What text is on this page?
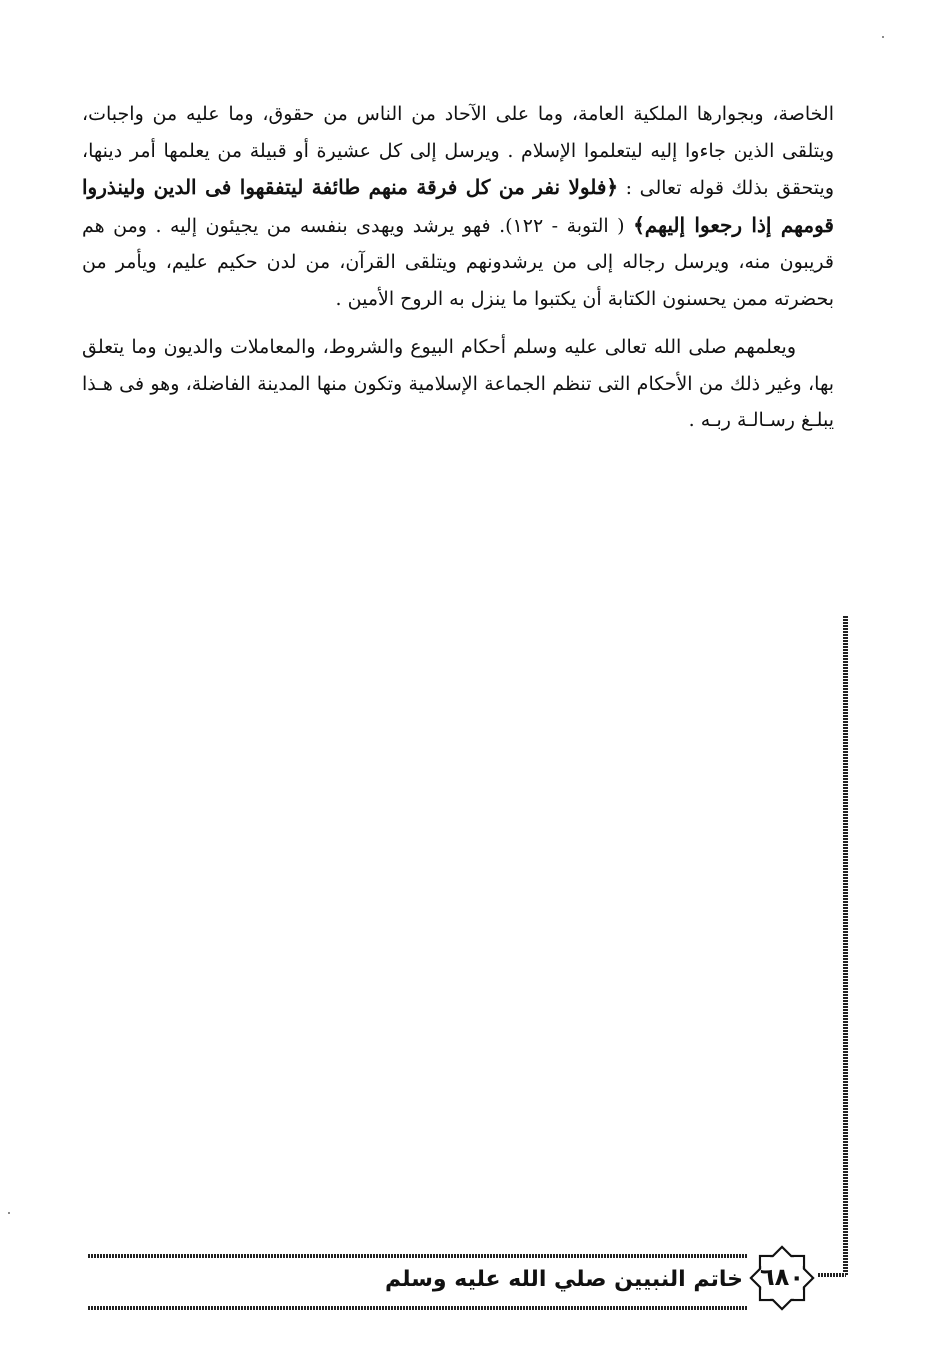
الخاصة، وبجوارها الملكية العامة، وما على الآحاد من الناس من حقوق، وما عليه من واجبات، ويتلقى الذين جاءوا إليه ليتعلموا الإسلام . ويرسل إلى كل عشيرة أو قبيلة من يعلمها أمر دينها، ويتحقق بذلك قوله تعالى : ﴿فلولا نفر من كل فرقة منهم طائفة ليتفقهوا فى الدين ولينذروا قومهم إذا رجعوا إليهم﴾ ( التوبة - ١٢٢). فهو يرشد ويهدى بنفسه من يجيئون إليه . ومن هم قريبون منه، ويرسل رجاله إلى من يرشدونهم ويتلقى القرآن، من لدن حكيم عليم، ويأمر من بحضرته ممن يحسنون الكتابة أن يكتبوا ما ينزل به الروح الأمين .

ويعلمهم صلى الله تعالى عليه وسلم أحكام البيوع والشروط، والمعاملات والديون وما يتعلق بها، وغير ذلك من الأحكام التى تنظم الجماعة الإسلامية وتكون منها المدينة الفاضلة، وهو فى هـذا يبلـغ رسـالـة ربـه .

خاتم النبيين صلي الله عليه وسلم ٦٨٠
